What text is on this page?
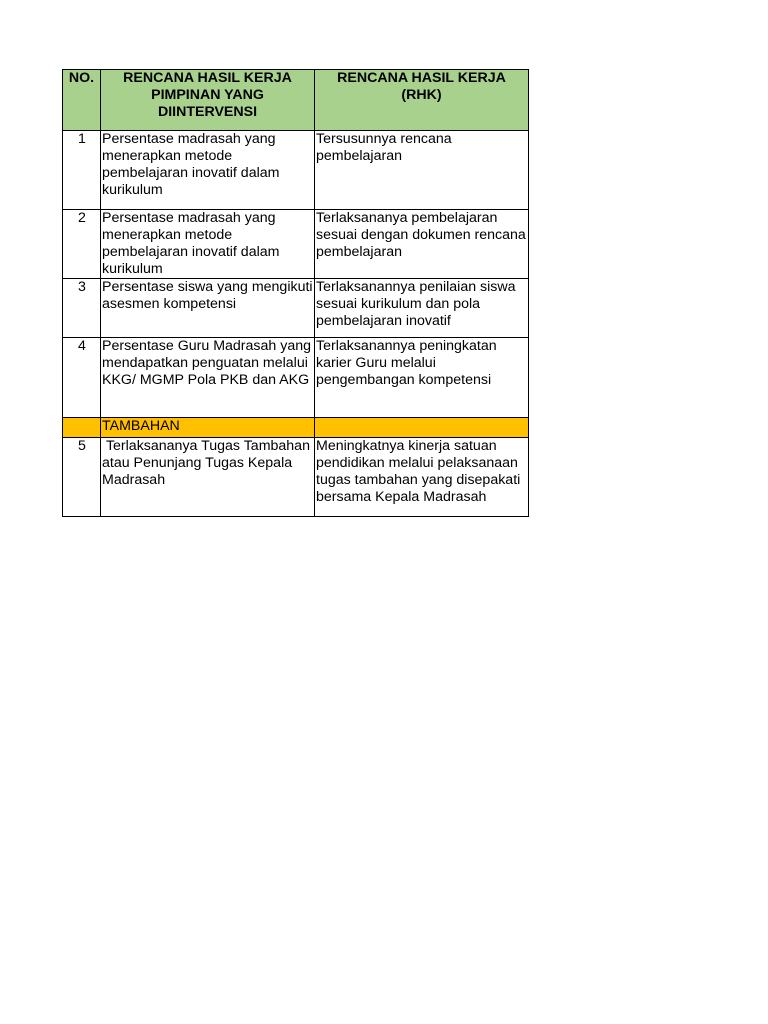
NO.	RENCANA HASIL KERJA PIMPINAN YANG DIINTERVENSI	RENCANA HASIL KERJA (RHK)
1	Persentase madrasah yang menerapkan metode pembelajaran inovatif dalam kurikulum	Tersusunnya rencana pembelajaran
2	Persentase madrasah yang menerapkan metode pembelajaran inovatif dalam kurikulum	Terlaksananya pembelajaran sesuai dengan dokumen rencana pembelajaran
3	Persentase siswa yang mengikuti asesmen kompetensi	Terlaksanannya penilaian siswa sesuai kurikulum dan pola pembelajaran inovatif
4	Persentase Guru Madrasah yang mendapatkan penguatan melalui KKG/ MGMP Pola PKB dan AKG	Terlaksanannya peningkatan karier Guru melalui pengembangan kompetensi
	TAMBAHAN	
5	Terlaksananya Tugas Tambahan atau Penunjang Tugas Kepala Madrasah	Meningkatnya kinerja satuan pendidikan melalui pelaksanaan tugas tambahan yang disepakati bersama Kepala Madrasah
